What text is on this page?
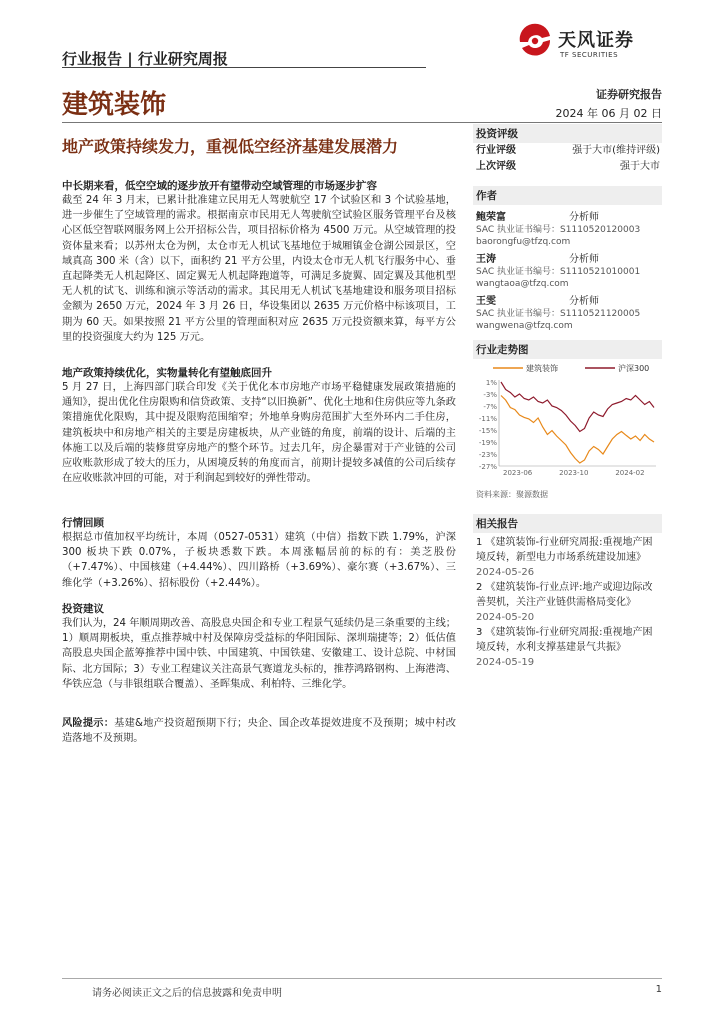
行业报告 | 行业研究周报
天风证券
TF SECURITIES
建筑装饰	证券研究报告
2024 年 06 月 02 日
地产政策持续发力，重视低空经济基建发展潜力
中长期来看，低空空域的逐步放开有望带动空域管理的市场逐步扩容
截至 24 年 3 月末，已累计批准建立民用无人驾驶航空 17 个试验区和 3 个试验基地，进一步催生了空域管理的需求。根据南京市民用无人驾驶航空试验区服务管理平台及核心区低空智联网服务网上公开招标公告，项目招标价格为 4500 万元。从空域管理的投资体量来看；以苏州太仓为例，太仓市无人机试飞基地位于城厢镇金仓湖公园景区，空域真高 300 米（含）以下，面积约 21 平方公里，内设太仓市无人机飞行服务中心、垂直起降类无人机起降区、固定翼无人机起降跑道等，可满足多旋翼、固定翼及其他机型无人机的试飞、训练和演示等活动的需求。其民用无人机试飞基地建设和服务项目招标金额为 2650 万元，2024 年 3 月 26 日，华设集团以 2635 万元价格中标该项目，工期为 60 天。如果按照 21 平方公里的管理面积对应 2635 万元投资额来算，每平方公里的投资强度大约为 125 万元。
地产政策持续优化，实物量转化有望触底回升
5 月 27 日，上海四部门联合印发《关于优化本市房地产市场平稳健康发展政策措施的通知》，提出优化住房限购和信贷政策、支持“以旧换新”、优化土地和住房供应等九条政策措施优化限购，其中提及限购范围缩窄；外地单身购房范围扩大至外环内二手住房，建筑板块中和房地产相关的主要是房建板块，从产业链的角度，前端的设计、后端的主体施工以及后端的装修贯穿房地产的整个环节。过去几年，房企暴雷对于产业链的公司应收账款形成了较大的压力，从困境反转的角度而言，前期计提较多减值的公司后续存在应收账款冲回的可能，对于利润起到较好的弹性带动。
行情回顾
根据总市值加权平均统计，本周（0527-0531）建筑（中信）指数下跌 1.79%，沪深 300 板块下跌 0.07%，子板块悉数下跌。本周涨幅居前的标的有：美芝股份（+7.47%）、中国核建（+4.44%）、四川路桥（+3.69%）、豪尔赛（+3.67%）、三维化学（+3.26%）、招标股份（+2.44%）。
投资建议
我们认为，24 年顺周期改善、高股息央国企和专业工程景气延续仍是三条重要的主线；1）顺周期板块，重点推荐城中村及保障房受益标的华阳国际、深圳瑞捷等；2）低估值高股息央国企蓝筹推荐中国中铁、中国建筑、中国铁建、安徽建工、设计总院、中材国际、北方国际；3）专业工程建议关注高景气赛道龙头标的，推荐鸿路钢构、上海港湾、华铁应急（与非银组联合覆盖）、圣晖集成、利柏特、三维化学。
风险提示：基建&地产投资超预期下行；央企、国企改革提效进度不及预期；城中村改造落地不及预期。
投资评级
行业评级	强于大市(维持评级)
上次评级	强于大市
作者
鲍荣富	分析师
SAC 执业证书编号：S1110520120003
baorongfu@tfzq.com
王涛	分析师
SAC 执业证书编号：S1110521010001
wangtaoa@tfzq.com
王雯	分析师
SAC 执业证书编号：S1110521120005
wangwena@tfzq.com
行业走势图
建筑装饰	沪深300
1%
-3%
-7%
-11%
-15%
-19%
-23%
-27%
2023-06	2023-10	2024-02
资料来源：聚源数据
相关报告
1 《建筑装饰-行业研究周报:重视地产困境反转，新型电力市场系统建设加速》
2024-05-26
2 《建筑装饰-行业点评:地产或迎边际改善契机，关注产业链供需格局变化》
2024-05-20
3 《建筑装饰-行业研究周报:重视地产困境反转，水利支撑基建景气共振》
2024-05-19
请务必阅读正文之后的信息披露和免责申明	1
